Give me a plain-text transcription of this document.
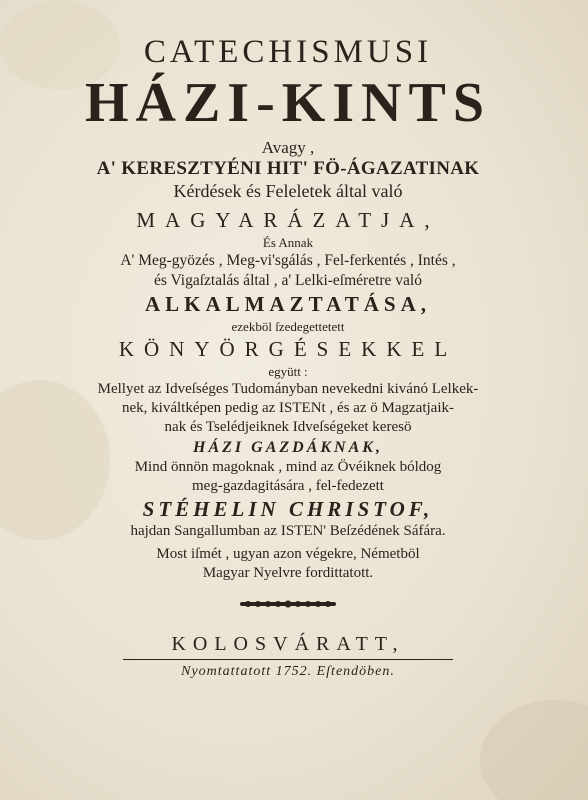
CATECHISMUSI
HÁZI-KINTS
Avagy ,
A' KERESZTYÉNI HIT' FÖ-ÁGAZATINAK
Kérdések és Feleletek által való
MAGYARÁZATJA,
És Annak
A' Meg-gyözés , Meg-vi'sgálás , Fel-ferkentés , Intés ,
és Vigaſztalás által , a' Lelki-eſméretre való
ALKALMAZTATÁSA,
ezekböl ſzedegettetett
KÖNYÖRGÉSEKKEL
együtt :
Mellyet az Idveſséges Tudományban nevekedni kivánó Lelkek-
nek, kiváltképen pedig az ISTENt , és az ö Magzatjaik-
nak és Tselédjeiknek Idveſségeket keresö
HÁZI GAZDÁKNAK,
Mind önnön magoknak , mind az Övéiknek bóldog
meg-gazdagitására , fel-fedezett
STÉHELIN CHRISTOF,
hajdan Sangallumban az ISTEN' Beſzédének Sáfára.
Most iſmét , ugyan azon végekre, Németböl
Magyar Nyelvre fordittatott.
KOLOSVÁRATT,
Nyomtattatott 1752. Eſtendöben.
